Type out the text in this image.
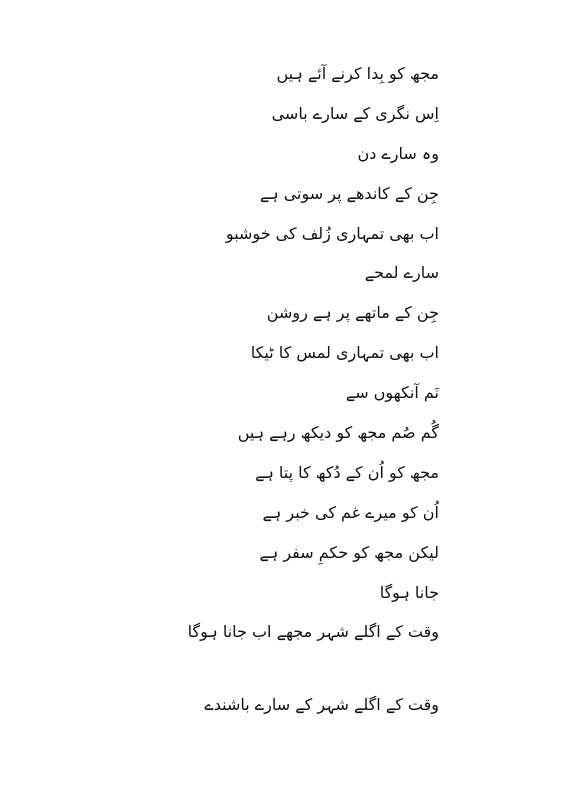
مجھ کو بِدا کرنے آئے ہیں
اِس نگری کے سارے باسی
وہ سارے دن
جِن کے کاندھے پر سوتی ہے
اب بھی تمہاری زُلف کی خوشبو
سارے لمحے
جِن کے ماتھے پر ہے روشن
اب بھی تمہاری لمس کا ٹیکا
نَم آنکھوں سے
گُم صُم مجھ کو دیکھ رہے ہیں
مجھ کو اُن کے دُکھ کا پتا ہے
اُن کو میرے غم کی خبر ہے
لیکن مجھ کو حکمِ سفر ہے
جانا ہوگا
وقت کے اگلے شہر مجھے اب جانا ہوگا
وقت کے اگلے شہر کے سارے باشندے
